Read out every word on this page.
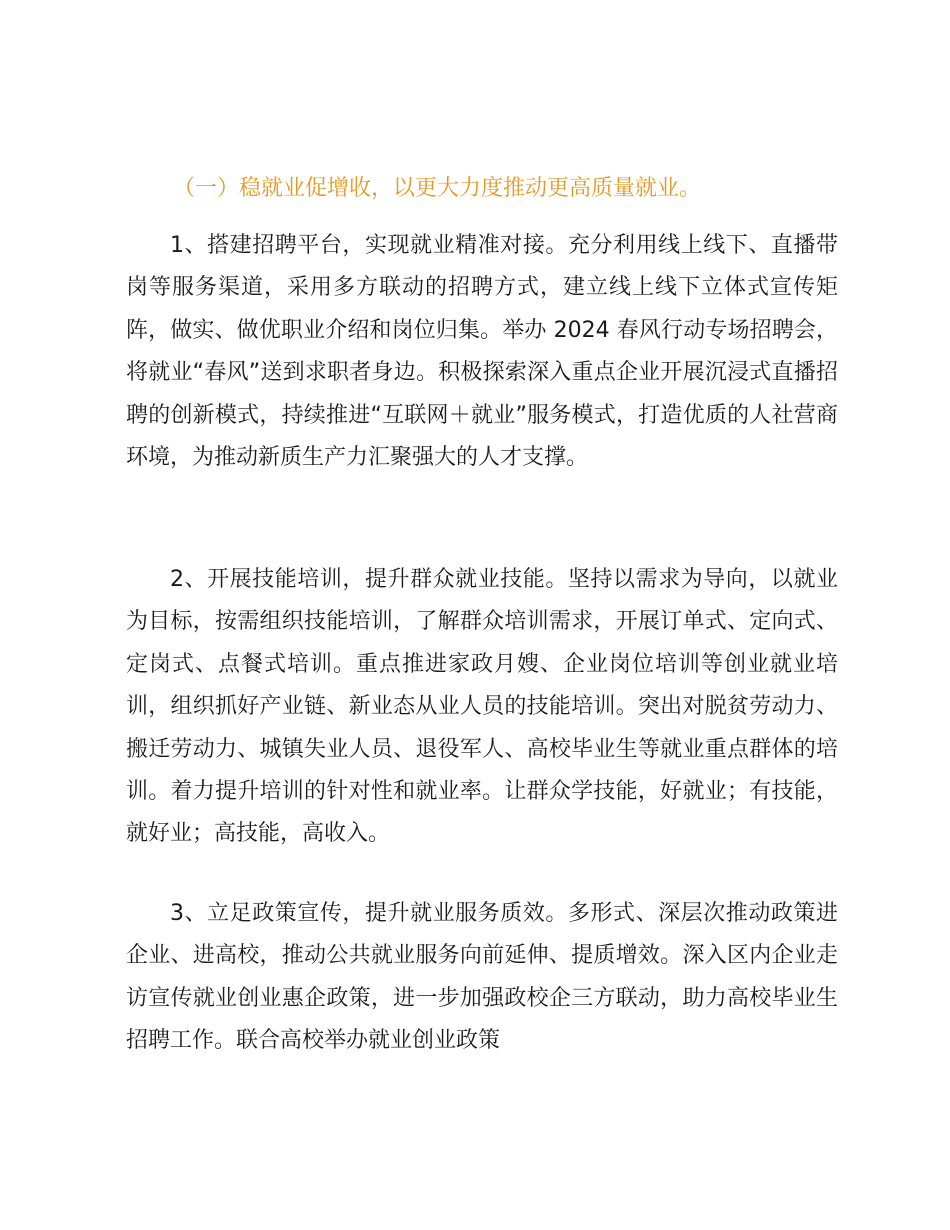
（一）稳就业促增收，以更大力度推动更高质量就业。

1、搭建招聘平台，实现就业精准对接。充分利用线上线下、直播带岗等服务渠道，采用多方联动的招聘方式，建立线上线下立体式宣传矩阵，做实、做优职业介绍和岗位归集。举办 2024 春风行动专场招聘会，将就业“春风”送到求职者身边。积极探索深入重点企业开展沉浸式直播招聘的创新模式，持续推进“互联网＋就业”服务模式，打造优质的人社营商环境，为推动新质生产力汇聚强大的人才支撑。

2、开展技能培训，提升群众就业技能。坚持以需求为导向，以就业为目标，按需组织技能培训，了解群众培训需求，开展订单式、定向式、定岗式、点餐式培训。重点推进家政月嫂、企业岗位培训等创业就业培训，组织抓好产业链、新业态从业人员的技能培训。突出对脱贫劳动力、搬迁劳动力、城镇失业人员、退役军人、高校毕业生等就业重点群体的培训。着力提升培训的针对性和就业率。让群众学技能，好就业；有技能，就好业；高技能，高收入。

3、立足政策宣传，提升就业服务质效。多形式、深层次推动政策进企业、进高校，推动公共就业服务向前延伸、提质增效。深入区内企业走访宣传就业创业惠企政策，进一步加强政校企三方联动，助力高校毕业生招聘工作。联合高校举办就业创业政策
